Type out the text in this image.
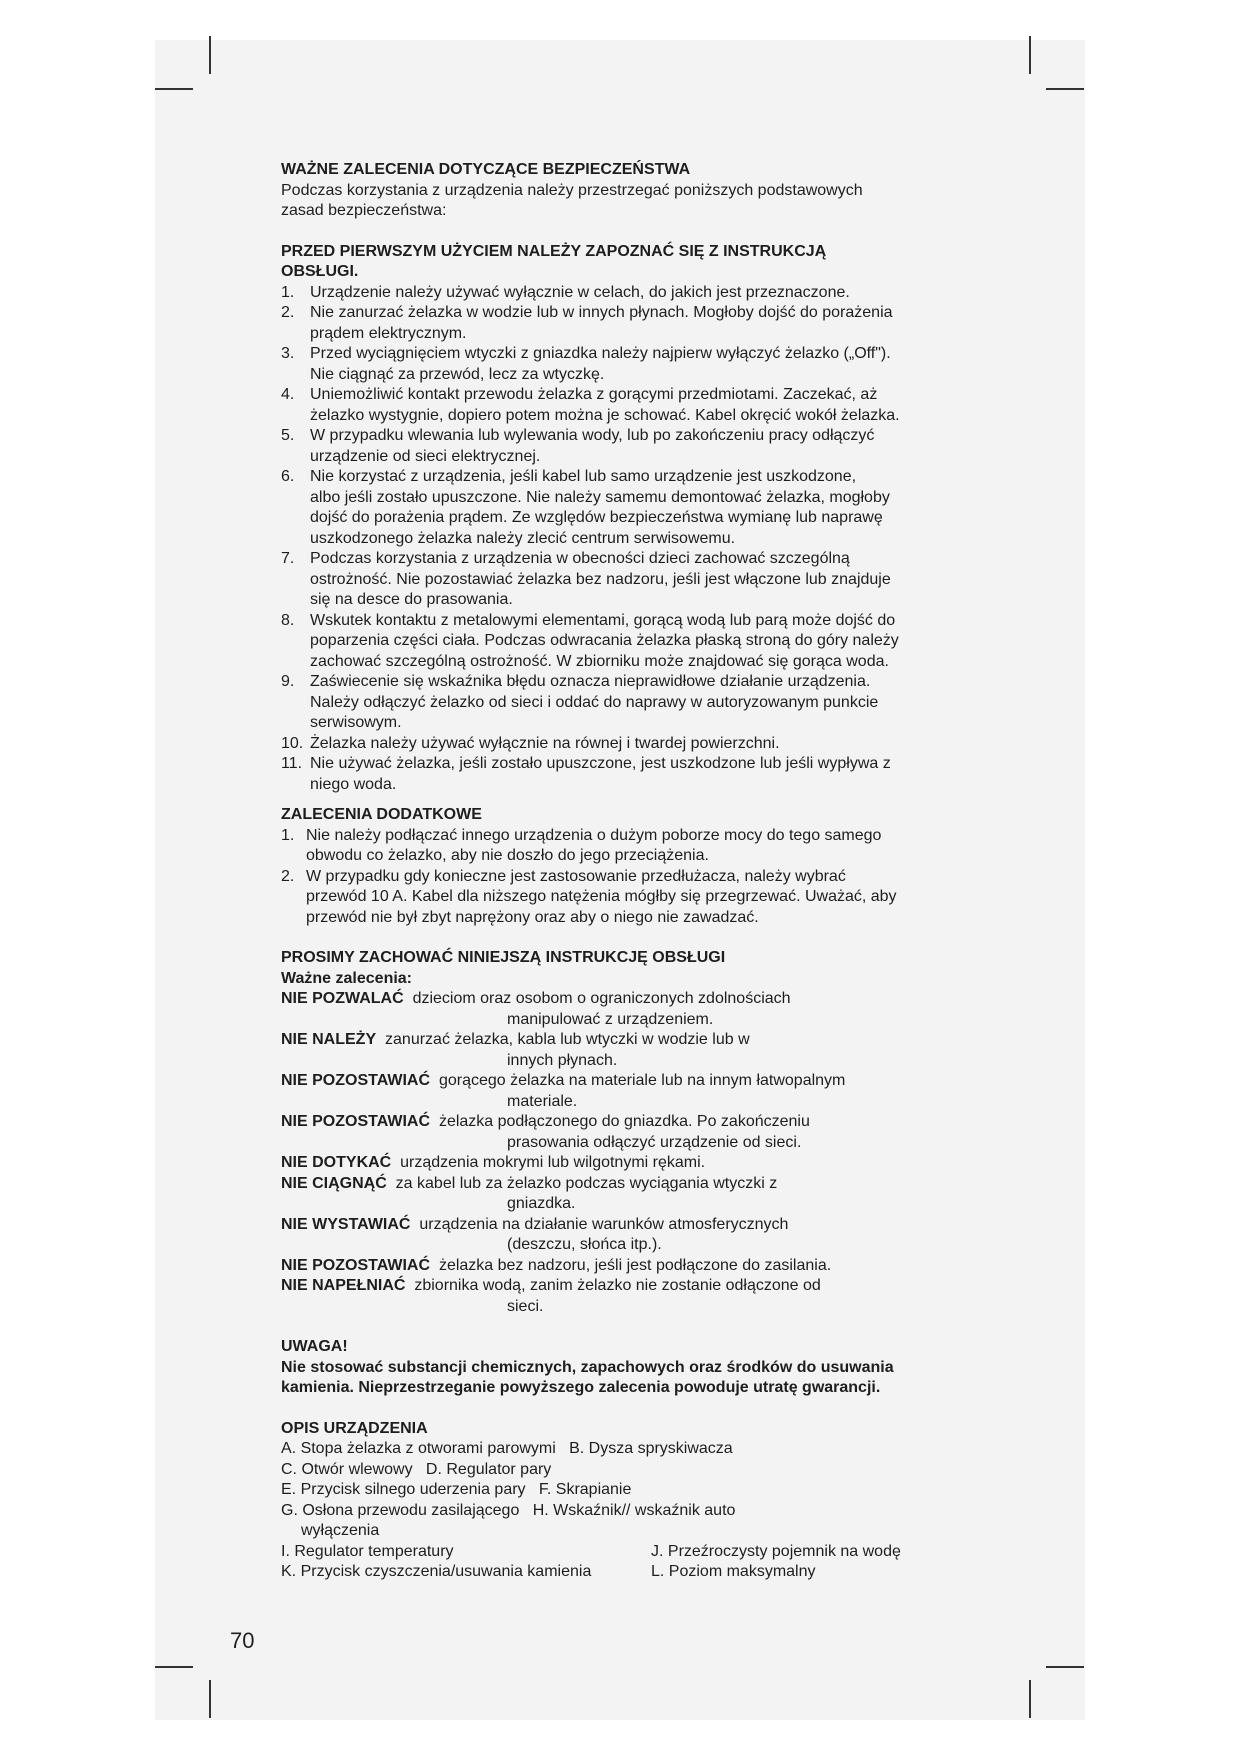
WAŻNE ZALECENIA DOTYCZĄCE BEZPIECZEŃSTWA

Podczas korzystania z urządzenia należy przestrzegać poniższych podstawowych

zasad bezpieczeństwa:

PRZED PIERWSZYM UŻYCIEM NALEŻY ZAPOZNAĆ SIĘ Z INSTRUKCJĄ

OBSŁUGI.

1. Urządzenie należy używać wyłącznie w celach, do jakich jest przeznaczone.
2. Nie zanurzać żelazka w wodzie lub w innych płynach. Mogłoby dojść do porażenia
prądem elektrycznym.
3. Przed wyciągnięciem wtyczki z gniazdka należy najpierw wyłączyć żelazko („Off").
Nie ciągnąć za przewód, lecz za wtyczkę.
4. Uniemożliwić kontakt przewodu żelazka z gorącymi przedmiotami. Zaczekać, aż
żelazko wystygnie, dopiero potem można je schować. Kabel okręcić wokół żelazka.
5. W przypadku wlewania lub wylewania wody, lub po zakończeniu pracy odłączyć
urządzenie od sieci elektrycznej.
6. Nie korzystać z urządzenia, jeśli kabel lub samo urządzenie jest uszkodzone,
albo jeśli zostało upuszczone. Nie należy samemu demontować żelazka, mogłoby
dojść do porażenia prądem. Ze względów bezpieczeństwa wymianę lub naprawę
uszkodzonego żelazka należy zlecić centrum serwisowemu.
7. Podczas korzystania z urządzenia w obecności dzieci zachować szczególną
ostrożność. Nie pozostawiać żelazka bez nadzoru, jeśli jest włączone lub znajduje
się na desce do prasowania.
8. Wskutek kontaktu z metalowymi elementami, gorącą wodą lub parą może dojść do
poparzenia części ciała. Podczas odwracania żelazka płaską stroną do góry należy
zachować szczególną ostrożność. W zbiorniku może znajdować się gorąca woda.
9. Zaświecenie się wskaźnika błędu oznacza nieprawidłowe działanie urządzenia.
Należy odłączyć żelazko od sieci i oddać do naprawy w autoryzowanym punkcie
serwisowym.
10. Żelazka należy używać wyłącznie na równej i twardej powierzchni.
11. Nie używać żelazka, jeśli zostało upuszczone, jest uszkodzone lub jeśli wypływa z
niego woda.

ZALECENIA DODATKOWE

1. Nie należy podłączać innego urządzenia o dużym poborze mocy do tego samego
obwodu co żelazko, aby nie doszło do jego przeciążenia.
2. W przypadku gdy konieczne jest zastosowanie przedłużacza, należy wybrać
przewód 10 A. Kabel dla niższego natężenia mógłby się przegrzewać. Uważać, aby
przewód nie był zbyt naprężony oraz aby o niego nie zawadzać.

PROSIMY ZACHOWAĆ NINIEJSZĄ INSTRUKCJĘ OBSŁUGI

Ważne zalecenia:

NIE POZWALAĆ dzieciom oraz osobom o ograniczonych zdolnościach
manipulować z urządzeniem.
NIE NALEŻY zanurzać żelazka, kabla lub wtyczki w wodzie lub w
innych płynach.
NIE POZOSTAWIAĆ gorącego żelazka na materiale lub na innym łatwopalnym
materiale.
NIE POZOSTAWIAĆ żelazka podłączonego do gniazdka. Po zakończeniu
prasowania odłączyć urządzenie od sieci.
NIE DOTYKAĆ urządzenia mokrymi lub wilgotnymi rękami.
NIE CIĄGNĄĆ za kabel lub za żelazko podczas wyciągania wtyczki z
gniazdka.
NIE WYSTAWIAĆ urządzenia na działanie warunków atmosferycznych
(deszczu, słońca itp.).
NIE POZOSTAWIAĆ żelazka bez nadzoru, jeśli jest podłączone do zasilania.
NIE NAPEŁNIAĆ zbiornika wodą, zanim żelazko nie zostanie odłączone od
sieci.

UWAGA!

Nie stosować substancji chemicznych, zapachowych oraz środków do usuwania

kamienia. Nieprzestrzeganie powyższego zalecenia powoduje utratę gwarancji.

OPIS URZĄDZENIA

A. Stopa żelazka z otworami parowymi   B. Dysza spryskiwacza

C. Otwór wlewowy   D. Regulator pary

E. Przycisk silnego uderzenia pary   F. Skrapianie

G. Osłona przewodu zasilającego   H. Wskaźnik// wskaźnik auto

wyłączenia

I. Regulator temperatury	J. Przeźroczysty pojemnik na wodę
K. Przycisk czyszczenia/usuwania kamienia	L. Poziom maksymalny
70
